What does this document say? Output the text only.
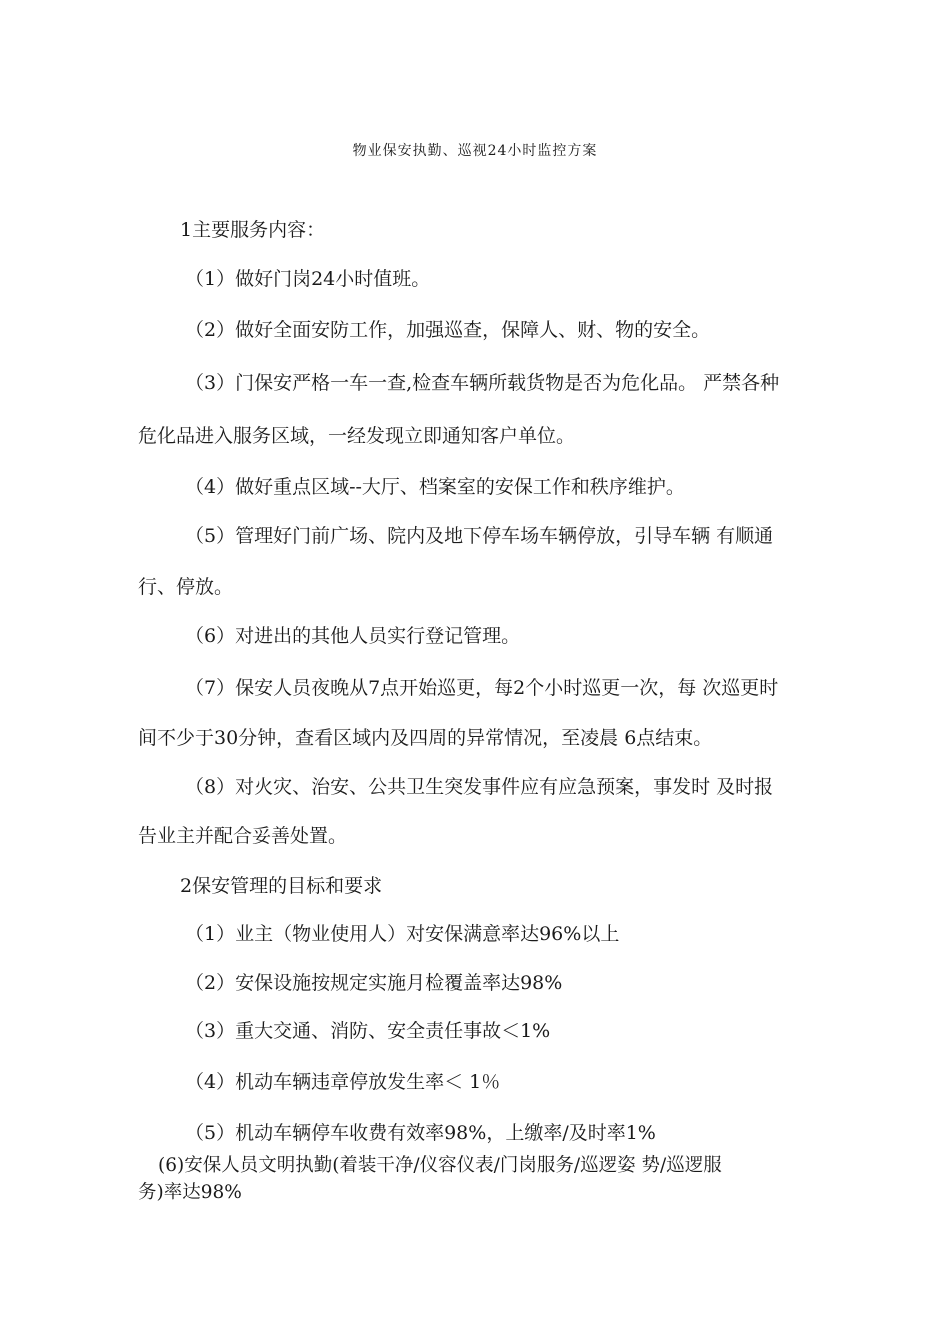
物业保安执勤、巡视24小时监控方案
1主要服务内容：
（1）做好门岗24小时值班。
（2）做好全面安防工作，加强巡查，保障人、财、物的安全。
（3）门保安严格一车一查,检查车辆所载货物是否为危化品。 严禁各种
危化品进入服务区域，一经发现立即通知客户单位。
（4）做好重点区域--大厅、档案室的安保工作和秩序维护。
（5）管理好门前广场、院内及地下停车场车辆停放，引导车辆 有顺通
行、停放。
（6）对进出的其他人员实行登记管理。
（7）保安人员夜晚从7点开始巡更，每2个小时巡更一次，每 次巡更时
间不少于30分钟，查看区域内及四周的异常情况，至凌晨 6点结束。
（8）对火灾、治安、公共卫生突发事件应有应急预案，事发时 及时报
告业主并配合妥善处置。
2保安管理的目标和要求
（1）业主（物业使用人）对安保满意率达96%以上
（2）安保设施按规定实施月检覆盖率达98%
（3）重大交通、消防、安全责任事故＜1%
（4）机动车辆违章停放发生率＜ 1％
（5）机动车辆停车收费有效率98%，上缴率/及时率1%
(6)安保人员文明执勤(着装干净/仪容仪表/门岗服务/巡逻姿 势/巡逻服
务)率达98%
